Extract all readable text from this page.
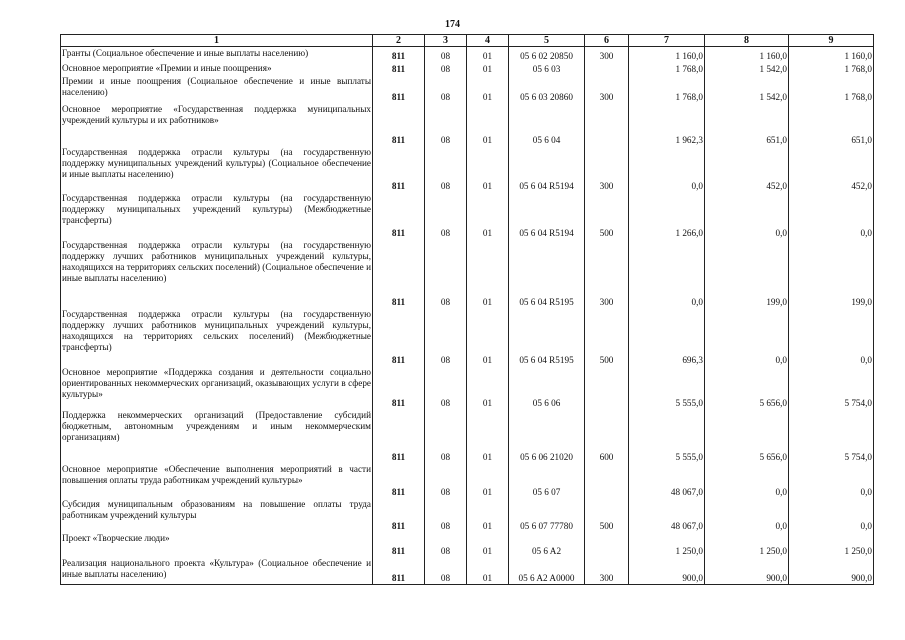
174
1	2	3	4	5	6	7	8	9
Гранты (Социальное обеспечение и иные выплаты населению)	811	08	01	05 6 02 20850	300	1 160,0	1 160,0	1 160,0
Основное мероприятие «Премии и иные поощрения»	811	08	01	05 6 03		1 768,0	1 542,0	1 768,0
Премии и иные поощрения (Социальное обеспечение и иные выплаты населению)	811	08	01	05 6 03 20860	300	1 768,0	1 542,0	1 768,0
Основное мероприятие «Государственная поддержка муниципальных учреждений культуры и их работников»	811	08	01	05 6 04		1 962,3	651,0	651,0
Государственная поддержка отрасли культуры (на государственную поддержку муниципальных учреждений культуры) (Социальное обеспечение и иные выплаты населению)	811	08	01	05 6 04 R5194	300	0,0	452,0	452,0
Государственная поддержка отрасли культуры (на государственную поддержку муниципальных учреждений культуры) (Межбюджетные трансферты)	811	08	01	05 6 04 R5194	500	1 266,0	0,0	0,0
Государственная поддержка отрасли культуры (на государственную поддержку лучших работников муниципальных учреждений культуры, находящихся на территориях сельских поселений) (Социальное обеспечение и иные выплаты населению)	811	08	01	05 6 04 R5195	300	0,0	199,0	199,0
Государственная поддержка отрасли культуры (на государственную поддержку лучших работников муниципальных учреждений культуры, находящихся на территориях сельских поселений) (Межбюджетные трансферты)	811	08	01	05 6 04 R5195	500	696,3	0,0	0,0
Основное мероприятие «Поддержка создания и деятельности социально ориентированных некоммерческих организаций, оказывающих услуги в сфере культуры»	811	08	01	05 6 06		5 555,0	5 656,0	5 754,0
Поддержка некоммерческих организаций (Предоставление субсидий бюджетным, автономным учреждениям и иным некоммерческим организациям)	811	08	01	05 6 06 21020	600	5 555,0	5 656,0	5 754,0
Основное мероприятие «Обеспечение выполнения мероприятий в части повышения оплаты труда работникам учреждений культуры»	811	08	01	05 6 07		48 067,0	0,0	0,0
Субсидия муниципальным образованиям на повышение оплаты труда работникам учреждений культуры	811	08	01	05 6 07 77780	500	48 067,0	0,0	0,0
Проект «Творческие люди»	811	08	01	05 6 A2		1 250,0	1 250,0	1 250,0
Реализация национального проекта «Культура» (Социальное обеспечение и иные выплаты населению)	811	08	01	05 6 A2 A0000	300	900,0	900,0	900,0
